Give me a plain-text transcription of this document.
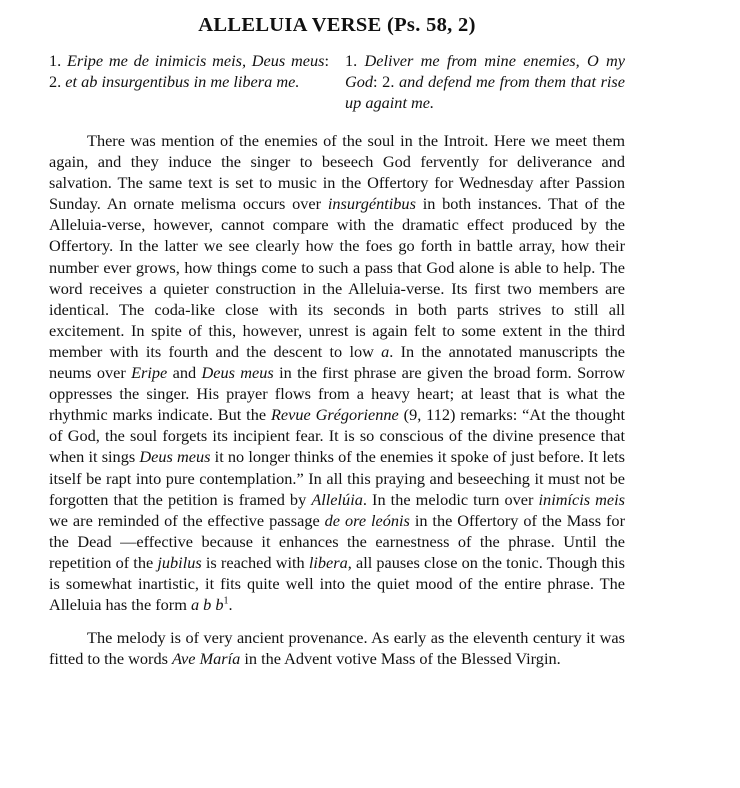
ALLELUIA VERSE (Ps. 58, 2)
1. Eripe me de inimicis meis, Deus meus: 2. et ab insurgentibus in me libera me.
1. Deliver me from mine enemies, O my God: 2. and defend me from them that rise up againt me.

There was mention of the enemies of the soul in the Introit. Here we meet them again, and they induce the singer to beseech God fervently for deliverance and salvation. The same text is set to music in the Offertory for Wednesday after Passion Sunday. An ornate melisma occurs over insurgéntibus in both instances. That of the Alleluia-verse, however, cannot compare with the dramatic effect produced by the Offertory. In the latter we see clearly how the foes go forth in battle array, how their number ever grows, how things come to such a pass that God alone is able to help. The word receives a quieter construction in the Alleluia-verse. Its first two members are identical. The coda-like close with its seconds in both parts strives to still all excitement. In spite of this, however, unrest is again felt to some extent in the third member with its fourth and the descent to low a. In the annotated manuscripts the neums over Eripe and Deus meus in the first phrase are given the broad form. Sorrow oppresses the singer. His prayer flows from a heavy heart; at least that is what the rhythmic marks indicate. But the Revue Grégorienne (9, 112) remarks: “At the thought of God, the soul forgets its incipient fear. It is so conscious of the divine presence that when it sings Deus meus it no longer thinks of the enemies it spoke of just before. It lets itself be rapt into pure contemplation.” In all this praying and beseeching it must not be forgotten that the petition is framed by Allelúia. In the melodic turn over inimícis meis we are reminded of the effective passage de ore leónis in the Offertory of the Mass for the Dead —effective because it enhances the earnestness of the phrase. Until the repetition of the jubilus is reached with libera, all pauses close on the tonic. Though this is somewhat inartistic, it fits quite well into the quiet mood of the entire phrase. The Alleluia has the form a b $b^1$.

The melody is of very ancient provenance. As early as the eleventh century it was fitted to the words Ave María in the Advent votive Mass of the Blessed Virgin.
